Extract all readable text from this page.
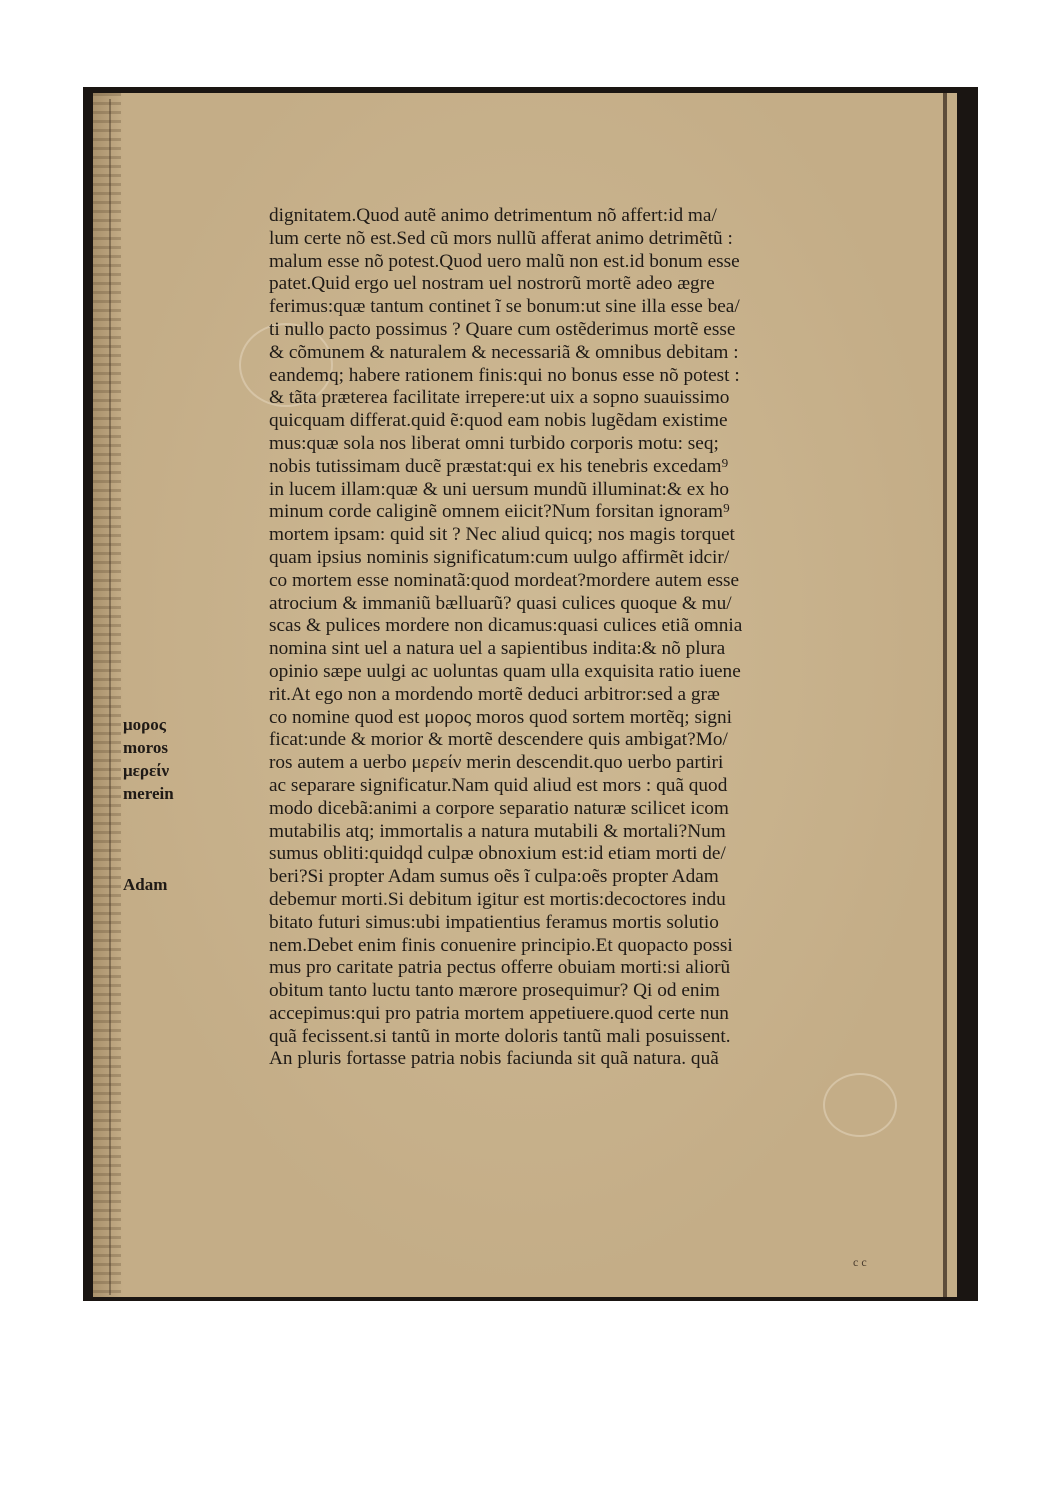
dignitatem.Quod autẽ animo detrimentum nõ affert:id ma/
lum certe nõ est.Sed cũ mors nullũ afferat animo detrimẽtũ :
malum esse nõ potest.Quod uero malũ non est.id bonum esse
patet.Quid ergo uel nostram uel nostrorũ mortẽ adeo ægre
ferimus:quæ tantum continet ĩ se bonum:ut sine illa esse bea/
ti nullo pacto possimus ? Quare cum ostẽderimus mortẽ esse
& cõmunem & naturalem & necessariã & omnibus debitam :
eandemq; habere rationem finis:qui no bonus esse nõ potest :
& tãta præterea facilitate irrepere:ut uix a sopno suauissimo
quicquam differat.quid ẽ:quod eam nobis lugẽdam existime
mus:quæ sola nos liberat omni turbido corporis motu: seq;
nobis tutissimam ducẽ præstat:qui ex his tenebris excedam⁹
in lucem illam:quæ & uni uersum mundũ illuminat:& ex ho
minum corde caliginẽ omnem eiicit?Num forsitan ignoram⁹
mortem ipsam: quid sit ? Nec aliud quicq; nos magis torquet
quam ipsius nominis significatum:cum uulgo affirmẽt idcir/
co mortem esse nominatã:quod mordeat?mordere autem esse
atrocium & immaniũ bælluarũ? quasi culices quoque & mu/
scas & pulices mordere non dicamus:quasi culices etiã omnia
nomina sint uel a natura uel a sapientibus indita:& nõ plura
opinio sæpe uulgi ac uoluntas quam ulla exquisita ratio iuene
rit.At ego non a mordendo mortẽ deduci arbitror:sed a græ
co nomine quod est μορος moros quod sortem mortẽq; signi
ficat:unde & morior & mortẽ descendere quis ambigat?Mo/
ros autem a uerbo μερείν merin descendit.quo uerbo partiri
ac separare significatur.Nam quid aliud est mors : quã quod
modo dicebã:animi a corpore separatio naturæ scilicet icom
mutabilis atq; immortalis a natura mutabili & mortali?Num
sumus obliti:quidqd culpæ obnoxium est:id etiam morti de/
beri?Si propter Adam sumus oẽs ĩ culpa:oẽs propter Adam
debemur morti.Si debitum igitur est mortis:decoctores indu
bitato futuri simus:ubi impatientius feramus mortis solutio
nem.Debet enim finis conuenire principio.Et quopacto possi
mus pro caritate patria pectus offerre obuiam morti:si aliorũ
obitum tanto luctu tanto mærore prosequimur? Qi od enim
accepimus:qui pro patria mortem appetiuere.quod certe nun
quã fecissent.si tantũ in morte doloris tantũ mali posuissent.
An pluris fortasse patria nobis faciunda sit quã natura. quã
μορος
moros
μερείν
merein
Adam
c c
